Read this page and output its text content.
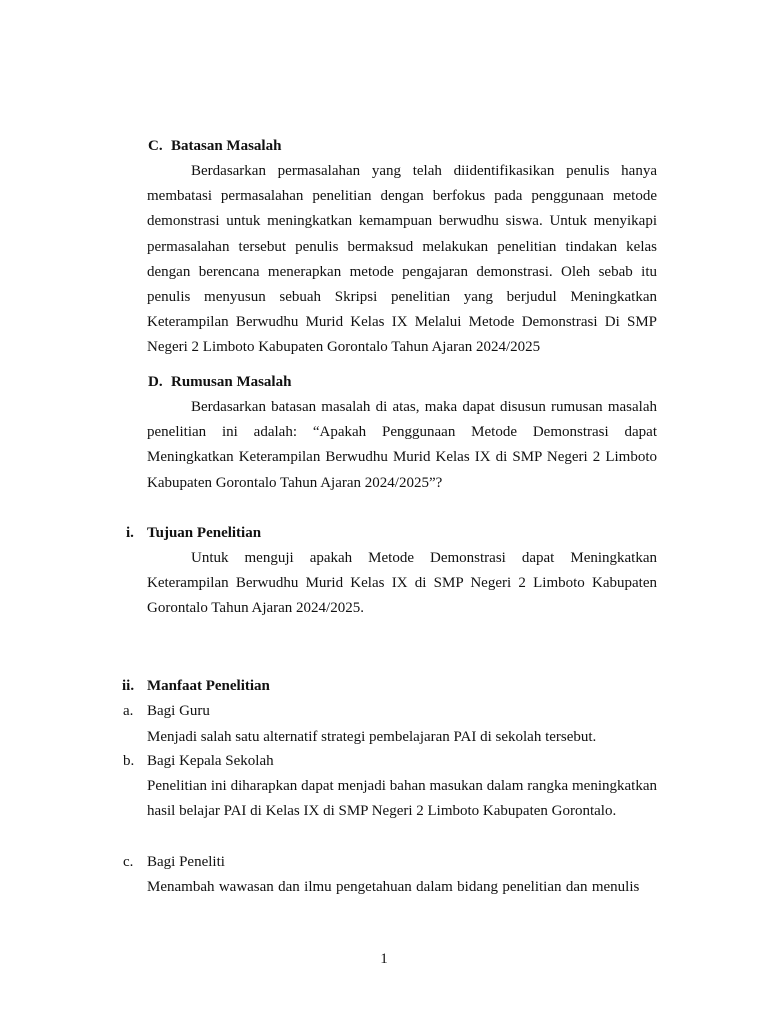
C. Batasan Masalah

Berdasarkan permasalahan yang telah diidentifikasikan penulis hanya membatasi permasalahan penelitian dengan berfokus pada penggunaan metode demonstrasi untuk meningkatkan kemampuan berwudhu siswa. Untuk menyikapi permasalahan tersebut penulis bermaksud melakukan penelitian tindakan kelas dengan berencana menerapkan metode pengajaran demonstrasi. Oleh sebab itu penulis menyusun sebuah Skripsi penelitian yang berjudul Meningkatkan Keterampilan Berwudhu Murid Kelas IX Melalui Metode Demonstrasi Di SMP Negeri 2 Limboto Kabupaten Gorontalo Tahun Ajaran 2024/2025

D. Rumusan Masalah

Berdasarkan batasan masalah di atas, maka dapat disusun rumusan masalah penelitian ini adalah: “Apakah Penggunaan Metode Demonstrasi dapat Meningkatkan Keterampilan Berwudhu Murid Kelas IX di SMP Negeri 2 Limboto Kabupaten Gorontalo Tahun Ajaran 2024/2025”?

i. Tujuan Penelitian

Untuk menguji apakah Metode Demonstrasi dapat Meningkatkan Keterampilan Berwudhu Murid Kelas IX di SMP Negeri 2 Limboto Kabupaten Gorontalo Tahun Ajaran 2024/2025.

ii. Manfaat Penelitian
a. Bagi Guru

Menjadi salah satu alternatif strategi pembelajaran PAI di sekolah tersebut.

b. Bagi Kepala Sekolah

Penelitian ini diharapkan dapat menjadi bahan masukan dalam rangka meningkatkan hasil belajar PAI di Kelas IX di SMP Negeri 2 Limboto Kabupaten Gorontalo.

c. Bagi Peneliti

Menambah wawasan dan ilmu pengetahuan dalam bidang penelitian dan menulis

1
